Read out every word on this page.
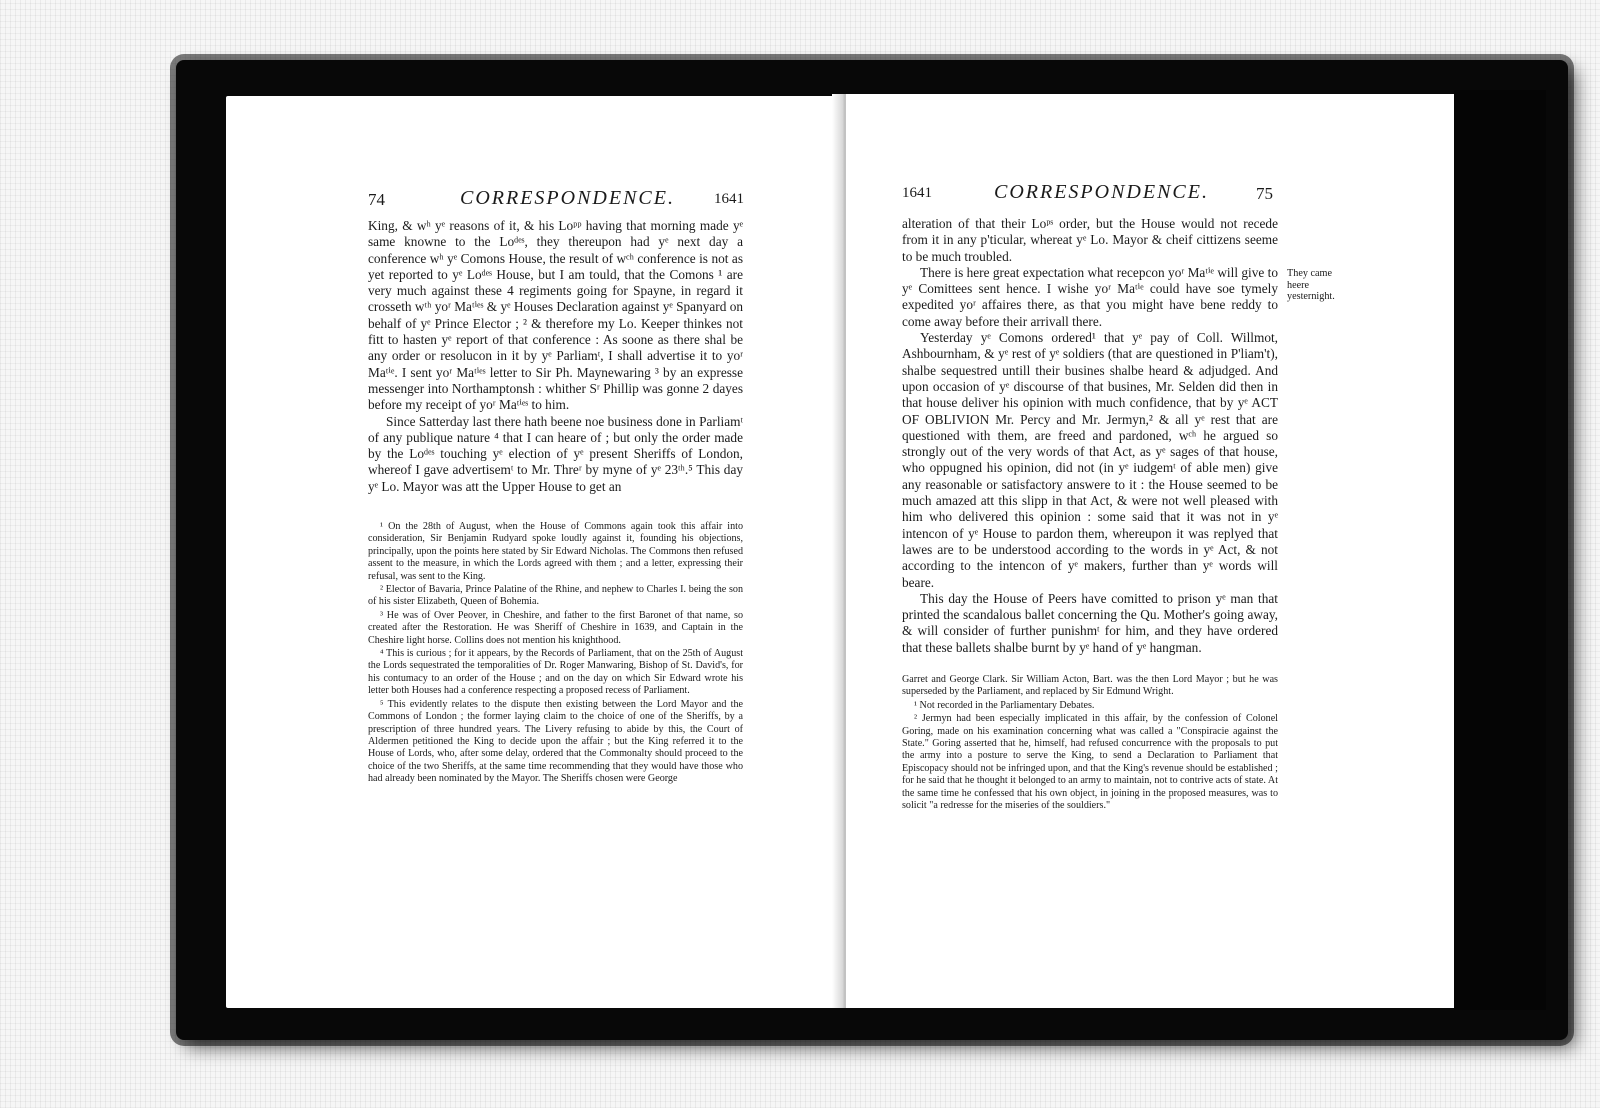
74	CORRESPONDENCE.	1641

King, & wʰ yᵉ reasons of it, & his Loᵖᵖ having that morning made yᵉ same knowne to the Loᵈᵉˢ, they thereupon had yᵉ next day a conference wʰ yᵉ Comons House, the result of wᶜʰ conference is not as yet reported to yᵉ Loᵈᵉˢ House, but I am tould, that the Comons ¹ are very much against these 4 regiments going for Spayne, in regard it crosseth wᵗʰ yoʳ Maᵗⁱᵉˢ & yᵉ Houses Declaration against yᵉ Spanyard on behalf of yᵉ Prince Elector ; ² & therefore my Lo. Keeper thinkes not fitt to hasten yᵉ report of that conference : As soone as there shal be any order or resolucon in it by yᵉ Parliamᵗ, I shall advertise it to yoʳ Maᵗⁱᵉ. I sent yoʳ Maᵗⁱᵉˢ letter to Sir Ph. Maynewaring ³ by an expresse messenger into Northamptonsh : whither Sʳ Phillip was gonne 2 dayes before my receipt of yoʳ Maᵗⁱᵉˢ to him.

Since Satterday last there hath beene noe business done in Parliamᵗ of any publique nature ⁴ that I can heare of ; but only the order made by the Loᵈᵉˢ touching yᵉ election of yᵉ present Sheriffs of London, whereof I gave advertisemᵗ to Mr. Threʳ by myne of yᵉ 23ᵗʰ.⁵ This day yᵉ Lo. Mayor was att the Upper House to get an

¹ On the 28th of August, when the House of Commons again took this affair into consideration, Sir Benjamin Rudyard spoke loudly against it, founding his objections, principally, upon the points here stated by Sir Edward Nicholas. The Commons then refused assent to the measure, in which the Lords agreed with them ; and a letter, expressing their refusal, was sent to the King.

² Elector of Bavaria, Prince Palatine of the Rhine, and nephew to Charles I. being the son of his sister Elizabeth, Queen of Bohemia.

³ He was of Over Peover, in Cheshire, and father to the first Baronet of that name, so created after the Restoration. He was Sheriff of Cheshire in 1639, and Captain in the Cheshire light horse. Collins does not mention his knighthood.

⁴ This is curious ; for it appears, by the Records of Parliament, that on the 25th of August the Lords sequestrated the temporalities of Dr. Roger Manwaring, Bishop of St. David's, for his contumacy to an order of the House ; and on the day on which Sir Edward wrote his letter both Houses had a conference respecting a proposed recess of Parliament.

⁵ This evidently relates to the dispute then existing between the Lord Mayor and the Commons of London ; the former laying claim to the choice of one of the Sheriffs, by a prescription of three hundred years. The Livery refusing to abide by this, the Court of Aldermen petitioned the King to decide upon the affair ; but the King referred it to the House of Lords, who, after some delay, ordered that the Commonalty should proceed to the choice of the two Sheriffs, at the same time recommending that they would have those who had already been nominated by the Mayor. The Sheriffs chosen were George

1641	CORRESPONDENCE.	75

alteration of that their Loᵖˢ order, but the House would not recede from it in any p'ticular, whereat yᵉ Lo. Mayor & cheif cittizens seeme to be much troubled.

There is here great expectation what recepcon yoʳ Maᵗⁱᵉ will give to yᵉ Comittees sent hence. I wishe yoʳ Maᵗⁱᵉ could have soe tymely expedited yoʳ affaires there, as that you might have bene reddy to come away before their arrivall there.

Yesterday yᵉ Comons ordered¹ that yᵉ pay of Coll. Willmot, Ashbournham, & yᵉ rest of yᵉ soldiers (that are questioned in P'liam't), shalbe sequestred untill their busines shalbe heard & adjudged. And upon occasion of yᵉ discourse of that busines, Mr. Selden did then in that house deliver his opinion with much confidence, that by yᵉ ACT OF OBLIVION Mr. Percy and Mr. Jermyn,² & all yᵉ rest that are questioned with them, are freed and pardoned, wᶜʰ he argued so strongly out of the very words of that Act, as yᵉ sages of that house, who oppugned his opinion, did not (in yᵉ iudgemᵗ of able men) give any reasonable or satisfactory answere to it : the House seemed to be much amazed att this slipp in that Act, & were not well pleased with him who delivered this opinion : some said that it was not in yᵉ intencon of yᵉ House to pardon them, whereupon it was replyed that lawes are to be understood according to the words in yᵉ Act, & not according to the intencon of yᵉ makers, further than yᵉ words will beare.

This day the House of Peers have comitted to prison yᵉ man that printed the scandalous ballet concerning the Qu. Mother's going away, & will consider of further punishmᵗ for him, and they have ordered that these ballets shalbe burnt by yᵉ hand of yᵉ hangman.

They came heere yesternight.

Garret and George Clark. Sir William Acton, Bart. was the then Lord Mayor ; but he was superseded by the Parliament, and replaced by Sir Edmund Wright.

¹ Not recorded in the Parliamentary Debates.

² Jermyn had been especially implicated in this affair, by the confession of Colonel Goring, made on his examination concerning what was called a "Conspiracie against the State." Goring asserted that he, himself, had refused concurrence with the proposals to put the army into a posture to serve the King, to send a Declaration to Parliament that Episcopacy should not be infringed upon, and that the King's revenue should be established ; for he said that he thought it belonged to an army to maintain, not to contrive acts of state. At the same time he confessed that his own object, in joining in the proposed measures, was to solicit "a redresse for the miseries of the souldiers."
